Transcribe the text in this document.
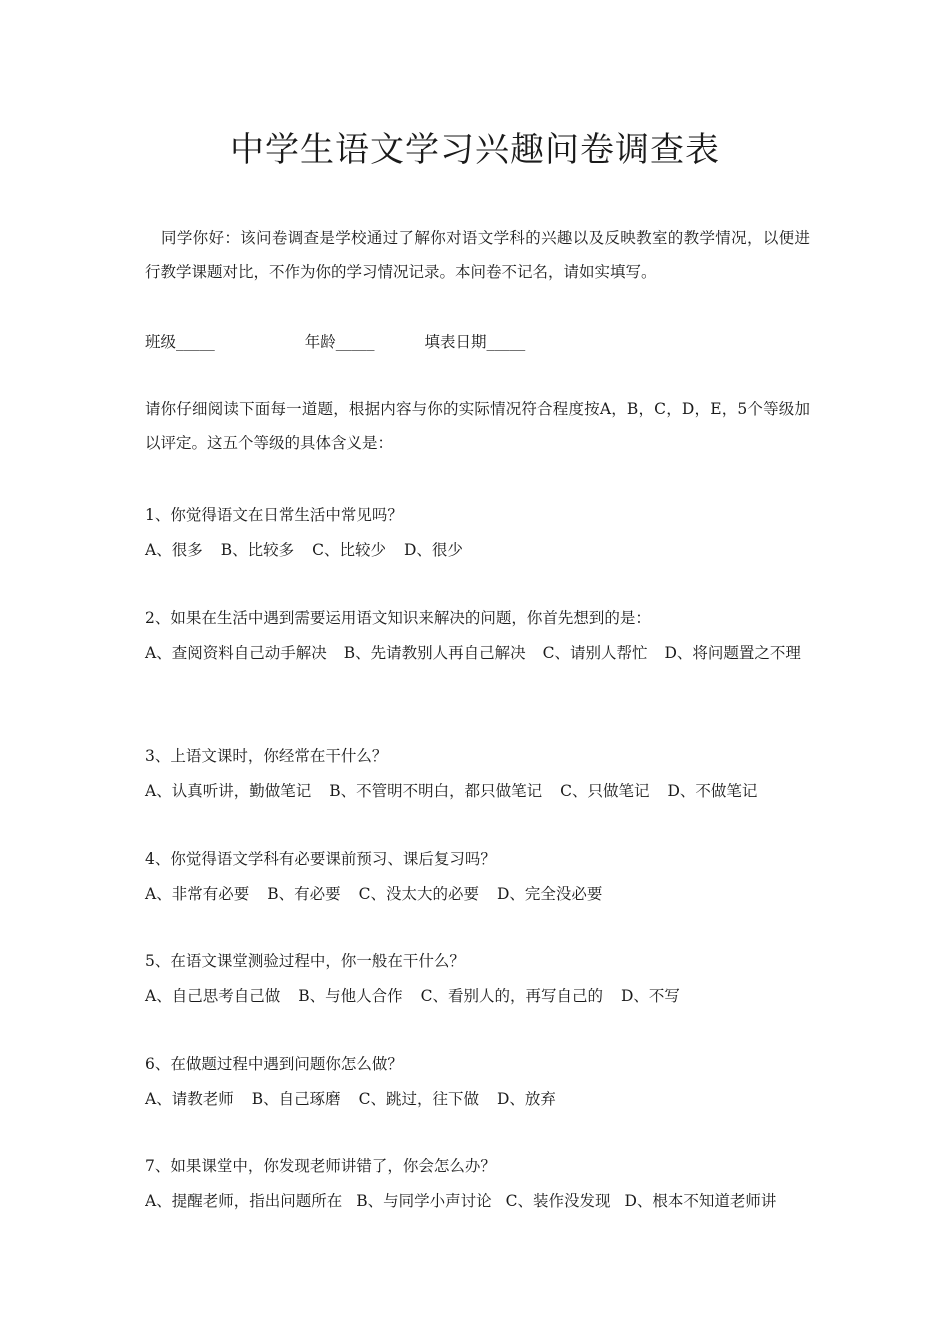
中学生语文学习兴趣问卷调查表

同学你好：该问卷调查是学校通过了解你对语文学科的兴趣以及反映教室的教学情况，以便进行教学课题对比，不作为你的学习情况记录。本问卷不记名，请如实填写。

班级_____	年龄_____	填表日期_____

请你仔细阅读下面每一道题，根据内容与你的实际情况符合程度按A，B，C，D，E，5个等级加以评定。这五个等级的具体含义是：

1、你觉得语文在日常生活中常见吗？
A、很多 B、比较多 C、比较少 D、很少
2、如果在生活中遇到需要运用语文知识来解决的问题，你首先想到的是：
A、查阅资料自己动手解决 B、先请教别人再自己解决 C、请别人帮忙 D、将问题置之不理
3、上语文课时，你经常在干什么？
A、认真听讲，勤做笔记 B、不管明不明白，都只做笔记 C、只做笔记 D、不做笔记
4、你觉得语文学科有必要课前预习、课后复习吗？
A、非常有必要 B、有必要 C、没太大的必要 D、完全没必要
5、在语文课堂测验过程中，你一般在干什么？
A、自己思考自己做 B、与他人合作 C、看别人的，再写自己的 D、不写
6、在做题过程中遇到问题你怎么做？
A、请教老师 B、自己琢磨 C、跳过，往下做 D、放弃
7、如果课堂中，你发现老师讲错了，你会怎么办？
A、提醒老师，指出问题所在 B、与同学小声讨论 C、装作没发现 D、根本不知道老师讲
